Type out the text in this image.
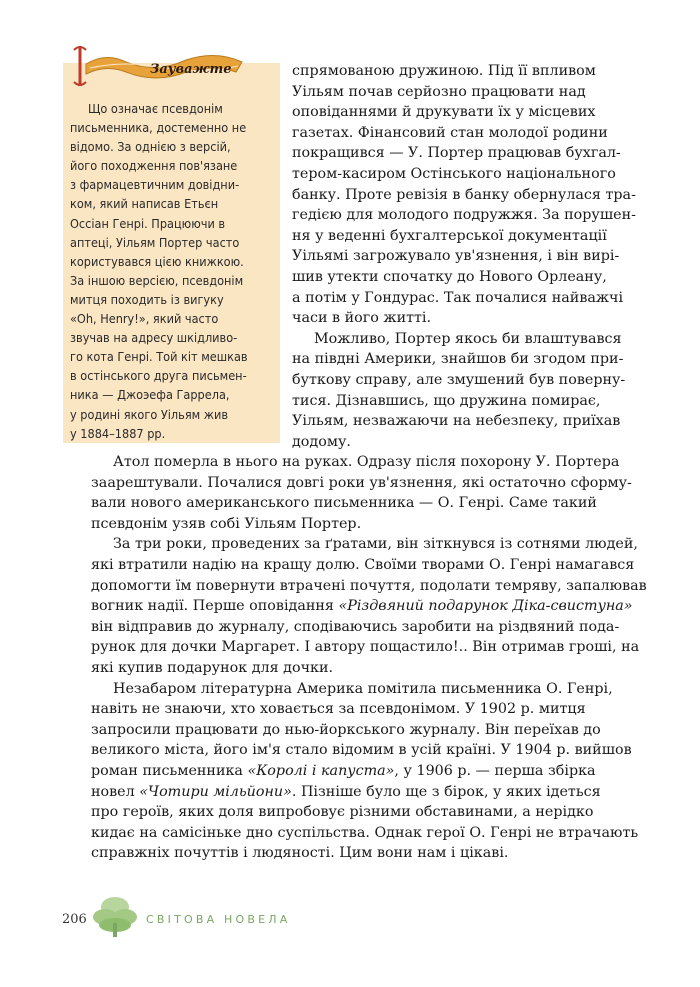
Зауважте
Що означає псевдонім
письменника, достеменно не
відомо. За однією з версій,
його походження пов'язане
з фармацевтичним довідни-
ком, який написав Етьєн
Оссіан Генрі. Працюючи в
аптеці, Уільям Портер часто
користувався цією книжкою.
За іншою версією, псевдонім
митця походить із вигуку
«Oh, Henry!», який часто
звучав на адресу шкідливо-
го кота Генрі. Той кіт мешкав
в остінського друга письмен-
ника — Джоэефа Гаррела,
у родині якого Уільям жив
у 1884–1887 рр.
спрямованою дружиною. Під її впливом
Уільям почав серйозно працювати над
оповіданнями й друкувати їх у місцевих
газетах. Фінансовий стан молодої родини
покращився — У. Портер працював бухгал-
тером-касиром Остінського національного
банку. Проте ревізія в банку обернулася тра-
гедією для молодого подружжя. За порушен-
ня у веденні бухгалтерської документації
Уільямі загрожувало ув'язнення, і він вирі-
шив утекти спочатку до Нового Орлеану,
а потім у Гондурас. Так почалися найважчі
часи в його житті.
Можливо, Портер якось би влаштувався
на півдні Америки, знайшов би згодом при-
буткову справу, але змушений був поверну-
тися. Дізнавшись, що дружина помирає,
Уільям, незважаючи на небезпеку, приїхав
додому.
Атол померла в нього на руках. Одразу після похорону У. Портера
заарештували. Почалися довгі роки ув'язнення, які остаточно сформу-
вали нового американського письменника — О. Генрі. Саме такий
псевдонім узяв собі Уільям Портер.
За три роки, проведених за ґратами, він зіткнувся із сотнями людей,
які втратили надію на кращу долю. Своїми творами О. Генрі намагався
допомогти їм повернути втрачені почуття, подолати темряву, запалював
вогник надії. Перше оповідання «Різдвяний подарунок Діка-свистуна»
він відправив до журналу, сподіваючись заробити на різдвяний пода-
рунок для дочки Маргарет. І автору пощастило!.. Він отримав гроші, на
які купив подарунок для дочки.
Незабаром літературна Америка помітила письменника О. Генрі,
навіть не знаючи, хто ховається за псевдонімом. У 1902 р. митця
запросили працювати до нью-йоркського журналу. Він переїхав до
великого міста, його ім'я стало відомим в усій країні. У 1904 р. вийшов
роман письменника «Королі і капуста», у 1906 р. — перша збірка
новел «Чотири мільйони». Пізніше було ще з бірок, у яких ідеться
про героїв, яких доля випробовує різними обставинами, а нерідко
кидає на самісіньке дно суспільства. Однак герої О. Генрі не втрачають
справжніх почуттів і людяності. Цим вони нам і цікаві.
206	СВІТОВА НОВЕЛА
